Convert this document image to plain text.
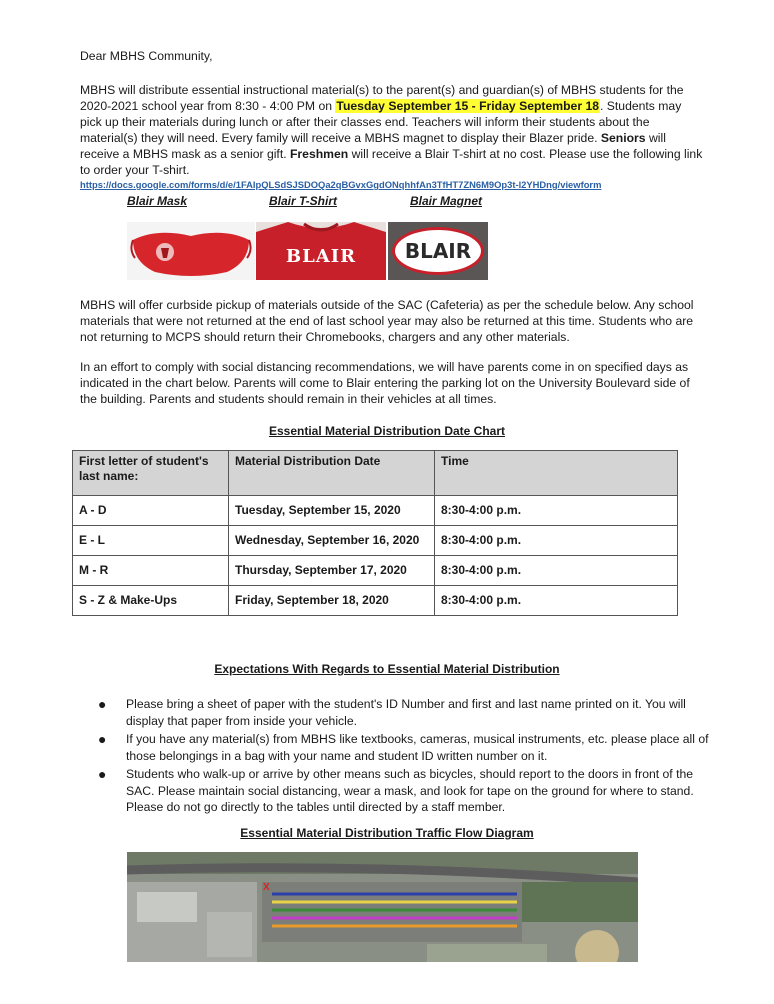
Dear MBHS Community,
MBHS will distribute essential instructional material(s) to the parent(s) and guardian(s) of MBHS students for the 2020-2021 school year from 8:30 - 4:00 PM on Tuesday September 15 - Friday September 18. Students may pick up their materials during lunch or after their classes end. Teachers will inform their students about the material(s) they will need. Every family will receive a MBHS magnet to display their Blazer pride. Seniors will receive a MBHS mask as a senior gift. Freshmen will receive a Blair T-shirt at no cost. Please use the following link to order your T-shirt.
https://docs.google.com/forms/d/e/1FAIpQLSdSJSDOQa2qBGvxGgdONqhhfAn3TfHT7ZN6M9Op3t-l2YHDng/viewform
Blair Mask	Blair T-Shirt	Blair Magnet
BLAIR	BLAIR
MBHS will offer curbside pickup of materials outside of the SAC (Cafeteria) as per the schedule below. Any school materials that were not returned at the end of last school year may also be returned at this time. Students who are not returning to MCPS should return their Chromebooks, chargers and any other materials.
In an effort to comply with social distancing recommendations, we will have parents come in on specified days as indicated in the chart below. Parents will come to Blair entering the parking lot on the University Boulevard side of the building. Parents and students should remain in their vehicles at all times.
Essential Material Distribution Date Chart
First letter of student's last name:	Material Distribution Date	Time
A - D	Tuesday, September 15, 2020	8:30-4:00 p.m.
E - L	Wednesday, September 16, 2020	8:30-4:00 p.m.
M - R	Thursday, September 17, 2020	8:30-4:00 p.m.
S - Z & Make-Ups	Friday, September 18, 2020	8:30-4:00 p.m.
Expectations With Regards to Essential Material Distribution
● Please bring a sheet of paper with the student's ID Number and first and last name printed on it. You will display that paper from inside your vehicle.
● If you have any material(s) from MBHS like textbooks, cameras, musical instruments, etc. please place all of those belongings in a bag with your name and student ID written number on it.
● Students who walk-up or arrive by other means such as bicycles, should report to the doors in front of the SAC. Please maintain social distancing, wear a mask, and look for tape on the ground for where to stand. Please do not go directly to the tables until directed by a staff member.
Essential Material Distribution Traffic Flow Diagram
X
